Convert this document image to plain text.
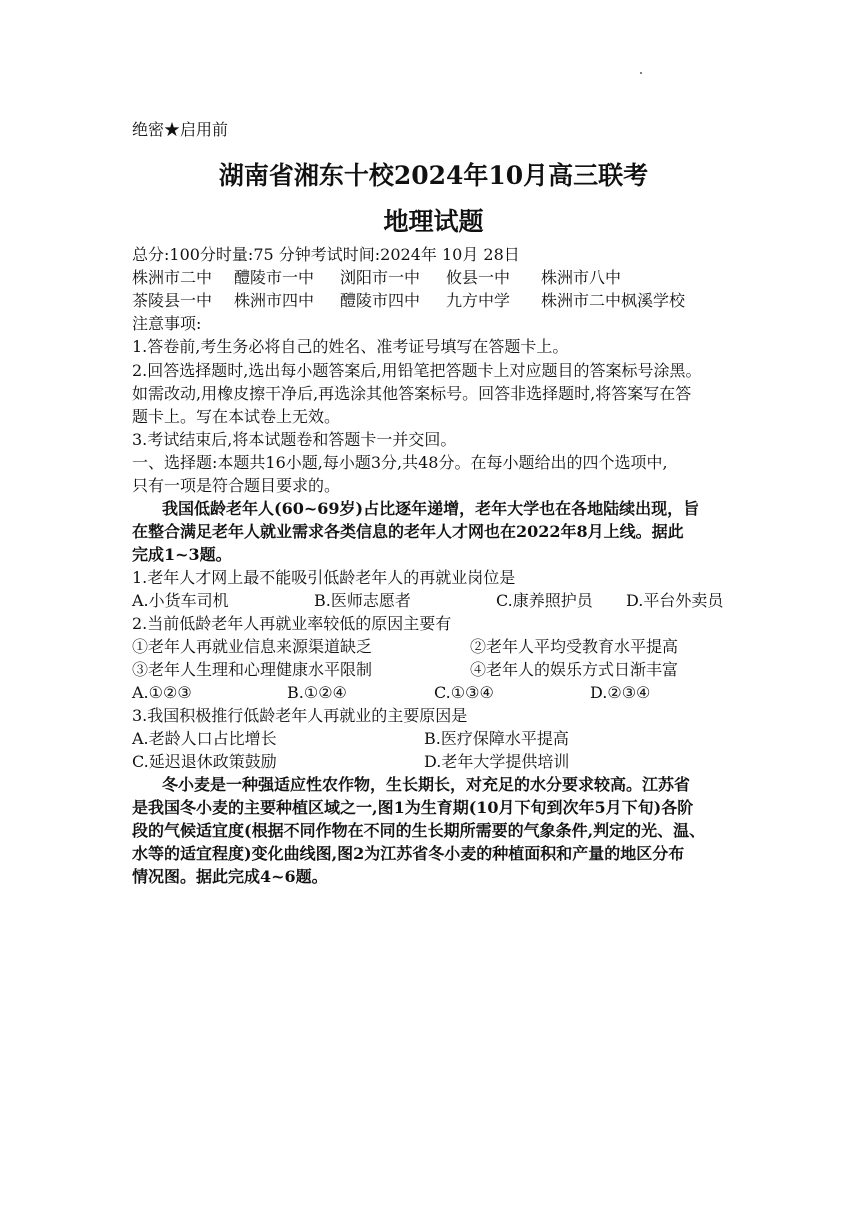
绝密★启用前
湖南省湘东十校2024年10月高三联考
地理试题
总分:100分时量:75 分钟考试时间:2024年 10月 28日
株洲市二中 醴陵市一中 浏阳市一中 攸县一中 株洲市八中
茶陵县一中 株洲市四中 醴陵市四中 九方中学 株洲市二中枫溪学校
注意事项:
1.答卷前,考生务必将自己的姓名、准考证号填写在答题卡上。
2.回答选择题时,选出每小题答案后,用铅笔把答题卡上对应题目的答案标号涂黑。
如需改动,用橡皮擦干净后,再选涂其他答案标号。回答非选择题时,将答案写在答
题卡上。写在本试卷上无效。
3.考试结束后,将本试题卷和答题卡一并交回。
一、选择题:本题共16小题,每小题3分,共48分。在每小题给出的四个选项中,
只有一项是符合题目要求的。
我国低龄老年人(60~69岁)占比逐年递增，老年大学也在各地陆续出现，旨
在整合满足老年人就业需求各类信息的老年人才网也在2022年8月上线。据此
完成1~3题。
1.老年人才网上最不能吸引低龄老年人的再就业岗位是
A.小货车司机	B.医师志愿者	C.康养照护员 D.平台外卖员
2.当前低龄老年人再就业率较低的原因主要有
①老年人再就业信息来源渠道缺乏	②老年人平均受教育水平提高
③老年人生理和心理健康水平限制	④老年人的娱乐方式日渐丰富
A.①②③	B.①②④	C.①③④	D.②③④
3.我国积极推行低龄老年人再就业的主要原因是
A.老龄人口占比增长	B.医疗保障水平提高
C.延迟退休政策鼓励	D.老年大学提供培训
冬小麦是一种强适应性农作物，生长期长，对充足的水分要求较高。江苏省
是我国冬小麦的主要种植区域之一,图1为生育期(10月下旬到次年5月下旬)各阶
段的气候适宜度(根据不同作物在不同的生长期所需要的气象条件,判定的光、温、
水等的适宜程度)变化曲线图,图2为江苏省冬小麦的种植面积和产量的地区分布
情况图。据此完成4~6题。
